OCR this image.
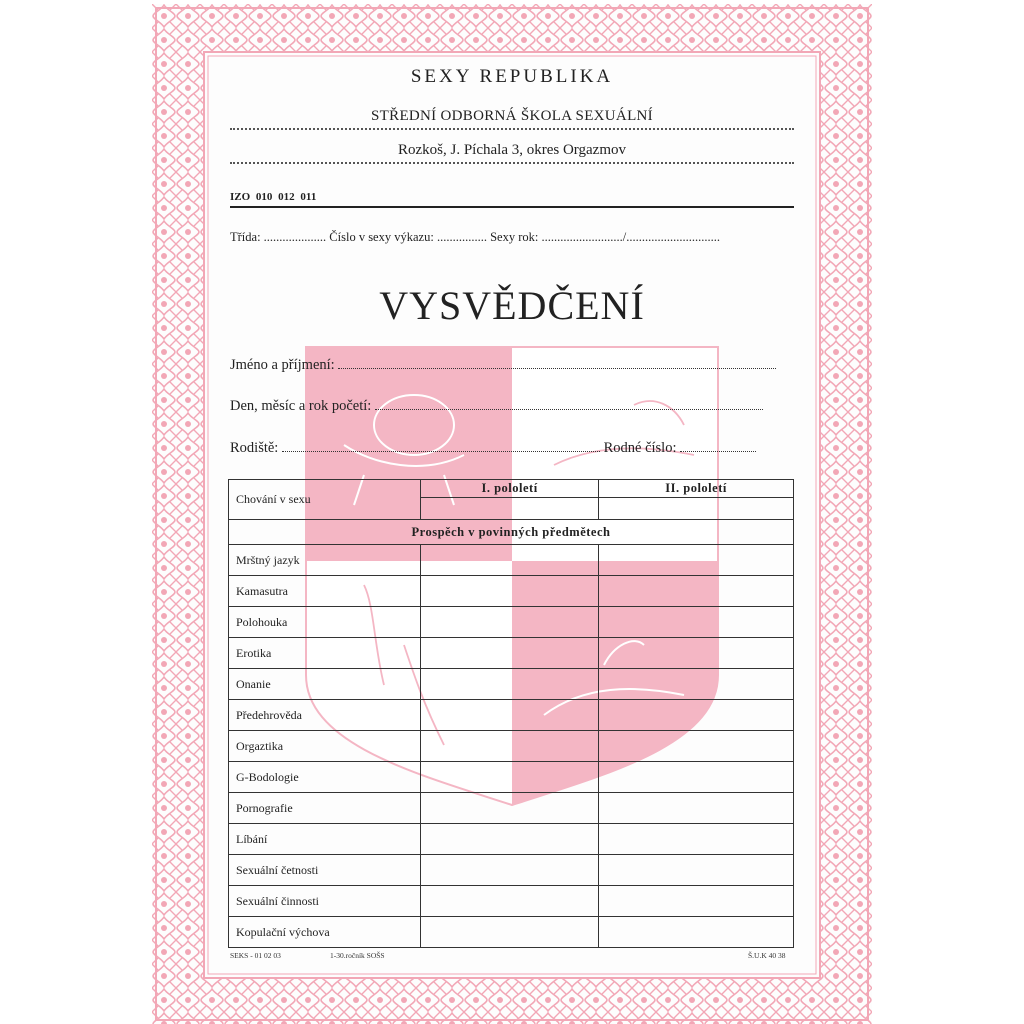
SEXY REPUBLIKA
STŘEDNÍ ODBORNÁ ŠKOLA SEXUÁLNÍ
Rozkoš, J. Píchala 3, okres Orgazmov
IZO 010 012 011
Třída: .................... Číslo v sexy výkazu: ................ Sexy rok: ........................../..............................
VYSVĚDČENÍ
Jméno a příjmení:
Den, měsíc a rok početí:
Rodiště:	Rodné číslo:
Chování v sexu	I. pololetí	II. pololetí

Prospěch v povinných předmětech		
Mrštný jazyk		
Kamasutra		
Polohouka		
Erotika		
Onanie		
Předehrověda		
Orgaztika		
G-Bodologie		
Pornografie		
Líbání		
Sexuální četnosti		
Sexuální činnosti		
Kopulační výchova		
SEKS - 01 02 03	1-30.ročník SOŠS	Š.U.K 40 38
